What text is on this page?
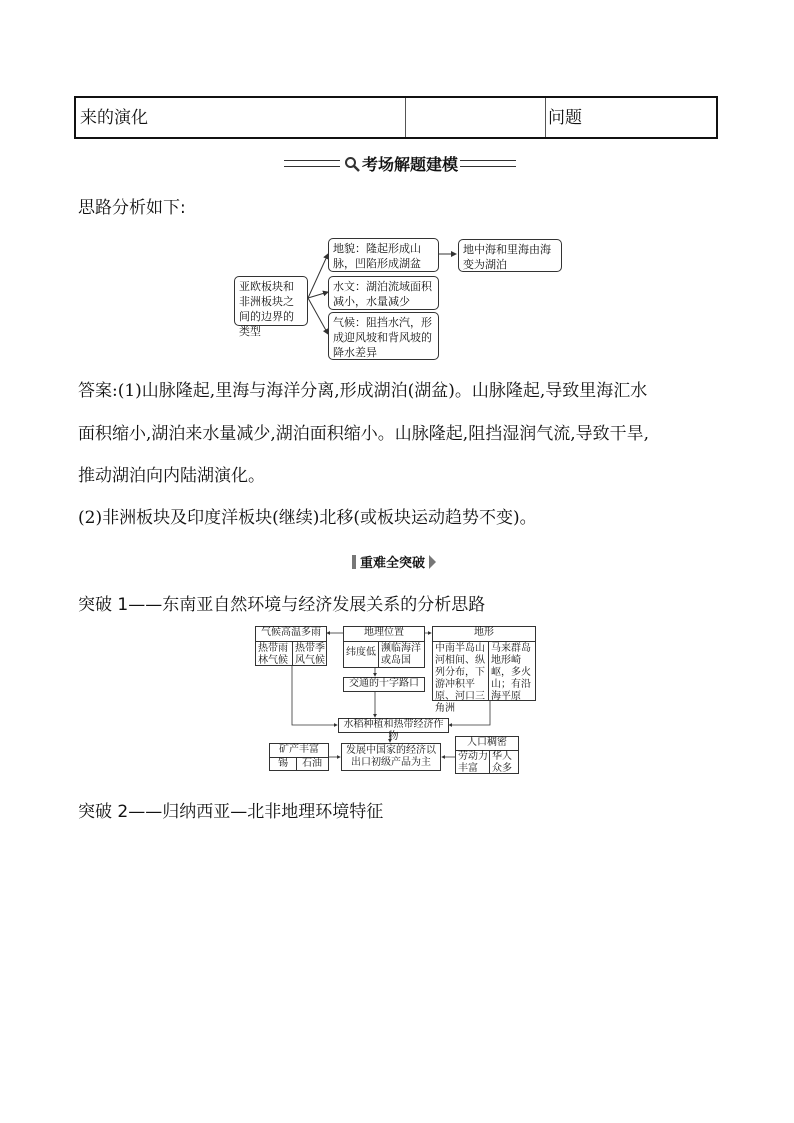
来的演化	问题
考场解题建模
思路分析如下:
亚欧板块和非洲板块之间的边界的类型
地貌：隆起形成山脉，凹陷形成湖盆
水文：湖泊流域面积减小，水量减少
气候：阻挡水汽，形成迎风坡和背风坡的降水差异
地中海和里海由海变为湖泊
答案:(1)山脉隆起,里海与海洋分离,形成湖泊(湖盆)。山脉隆起,导致里海汇水
面积缩小,湖泊来水量减少,湖泊面积缩小。山脉隆起,阻挡湿润气流,导致干旱,
推动湖泊向内陆湖演化。
(2)非洲板块及印度洋板块(继续)北移(或板块运动趋势不变)。
重难全突破
突破 1——东南亚自然环境与经济发展关系的分析思路
气候高温多雨
热带雨林气候
热带季风气候
地理位置
纬度低 濒临海洋或岛国
交通的十字路口
地形
中南半岛山河相间、纵列分布，下游冲积平原、河口三角洲
马来群岛地形崎岖，多火山；有沿海平原
水稻种植和热带经济作物
矿产丰富
锡	石油
发展中国家的经济以出口初级产品为主
人口稠密
劳动力丰富
华人众多
突破 2——归纳西亚—北非地理环境特征
